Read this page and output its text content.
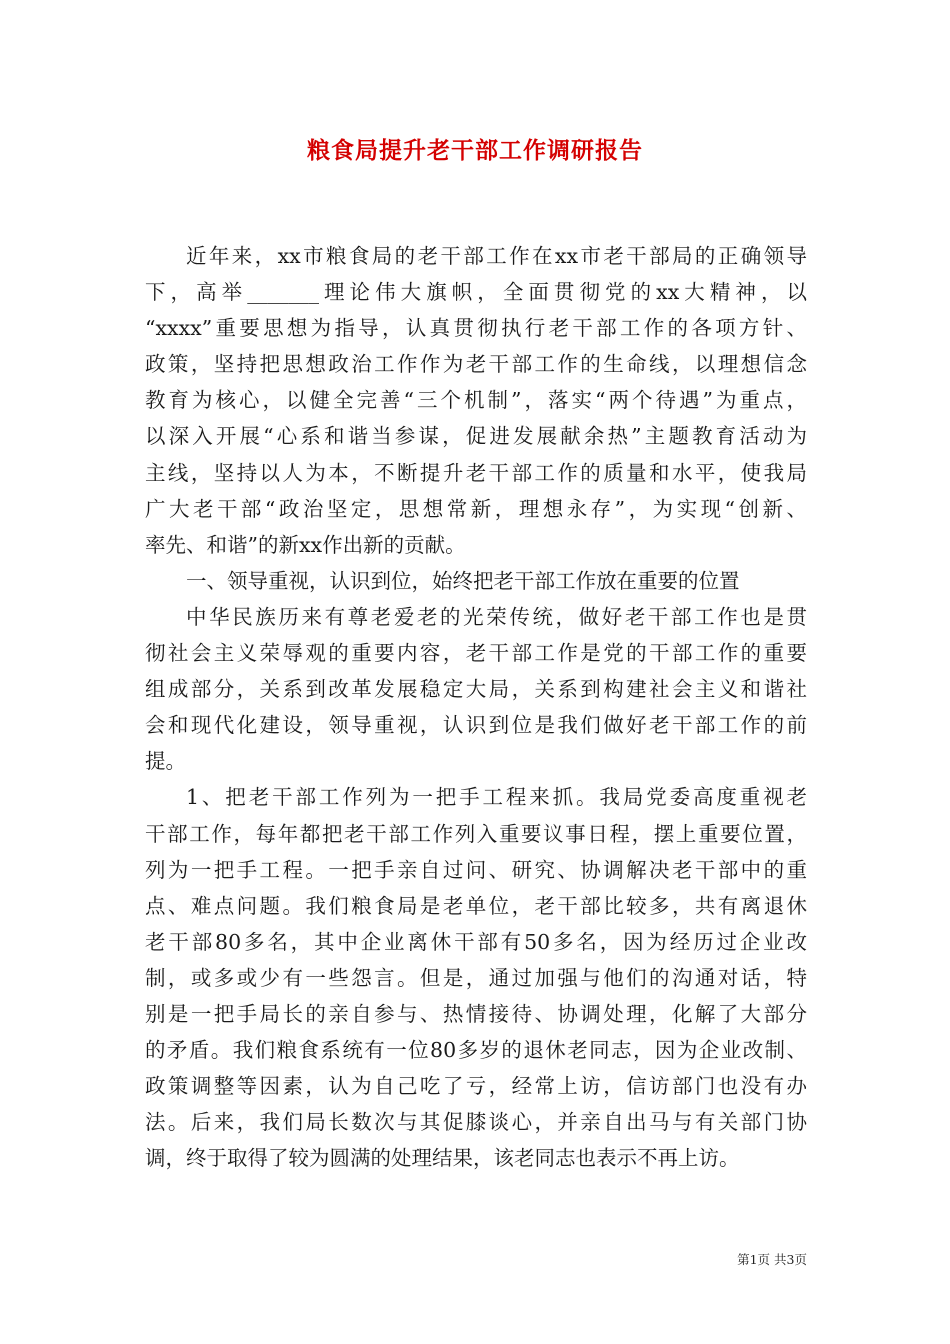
粮食局提升老干部工作调研报告
近年来，xx市粮食局的老干部工作在xx市老干部局的正确领导
下，高举_______理论伟大旗帜，全面贯彻党的xx大精神，以
“xxxx”重要思想为指导，认真贯彻执行老干部工作的各项方针、
政策，坚持把思想政治工作作为老干部工作的生命线，以理想信念
教育为核心，以健全完善“三个机制”，落实“两个待遇”为重点，
以深入开展“心系和谐当参谋，促进发展献余热”主题教育活动为
主线，坚持以人为本，不断提升老干部工作的质量和水平，使我局
广大老干部“政治坚定，思想常新，理想永存”，为实现“创新、
率先、和谐”的新xx作出新的贡献。
一、领导重视，认识到位，始终把老干部工作放在重要的位置
中华民族历来有尊老爱老的光荣传统，做好老干部工作也是贯
彻社会主义荣辱观的重要内容，老干部工作是党的干部工作的重要
组成部分，关系到改革发展稳定大局，关系到构建社会主义和谐社
会和现代化建设，领导重视，认识到位是我们做好老干部工作的前
提。
1、把老干部工作列为一把手工程来抓。我局党委高度重视老
干部工作，每年都把老干部工作列入重要议事日程，摆上重要位置，
列为一把手工程。一把手亲自过问、研究、协调解决老干部中的重
点、难点问题。我们粮食局是老单位，老干部比较多，共有离退休
老干部80多名，其中企业离休干部有50多名，因为经历过企业改
制，或多或少有一些怨言。但是，通过加强与他们的沟通对话，特
别是一把手局长的亲自参与、热情接待、协调处理，化解了大部分
的矛盾。我们粮食系统有一位80多岁的退休老同志，因为企业改制、
政策调整等因素，认为自己吃了亏，经常上访，信访部门也没有办
法。后来，我们局长数次与其促膝谈心，并亲自出马与有关部门协
调，终于取得了较为圆满的处理结果，该老同志也表示不再上访。
第1页 共3页
